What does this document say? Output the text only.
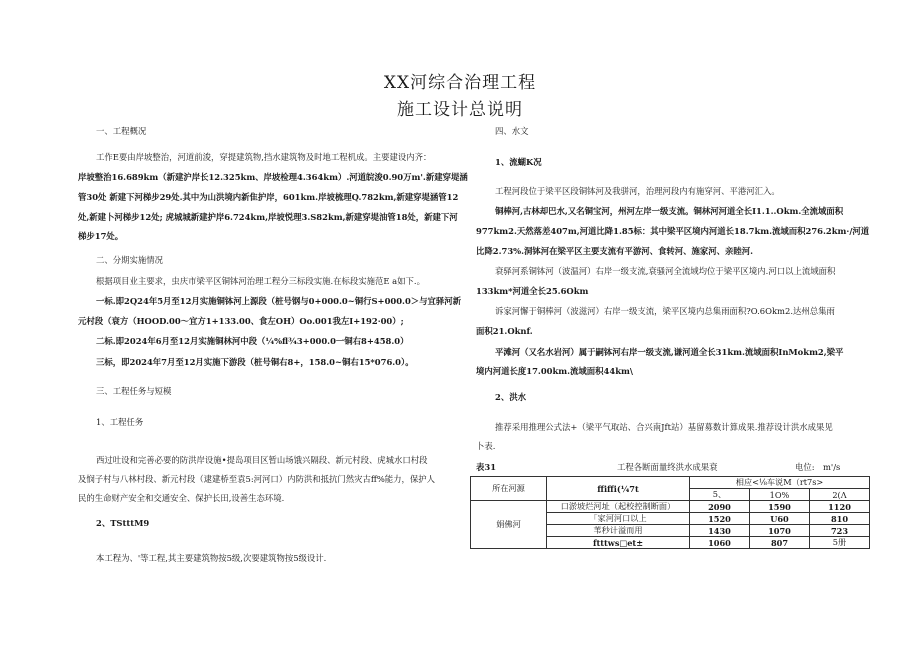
XX河综合治理工程
施工设计总说明
一、工程概况
工作E要由岸坡整治，河道前浚，穿提建筑物,挡水建筑物及时地工程机成。主要建设内齐：
岸坡整治16.689km（新建沪岸长12.325km、岸坡检理4.364km）.河道皖浚0.90万m'.新建穿堤涵
管30处 新建下河梯步29处.其中为山洪境内新隹护岸，601km.岸坡梳理Q.782km,新建穿堤涵管12
处,新建卜河梯步12处; 虎城城新建护岸6.724km,岸坡悦理3.S82km,新建穿堤油管18处，新建下河
梯步17处。
二、分期实施情况
根据项目业主要求，虫庆市梁平区铜钵河治理工程分三标段实施.在标段实施范E a如下.。
一标.即2Q24年5月至12月实施铜钵河上源段（桩号钢与0+000.0~铜行S+000.0＞与宜驿河新
元村段（衰方（HOOD.00～宜方1+133.00、食左OH）Oo.001我左I+192·00）;
二标.即2024年6月至12月实施铜林河中段（¼%fl¾3+000.0一铜右8+458.0）
三标，即2024年7月至12月实施下游段（桩号铜右8+，158.0~铜右15*076.0）。
三、工程任务与短模
1、工程任务
西过吐设和完善必要的防洪岸设施•提岛项目区暂山场饿兴隔段、新元村段、虎城水口村段
及悯子村与八林村段、新元村段（逮建桥至袁5:河河口）内防洪和抵抗门然灾古ff%能力，保护人
民的生命财产安全和交通安全、保护长田,设善生态环境.
2、TStttM9
本工程为、'等工程,其主要建筑物按5级,次要建筑物按5级设计.
四、水文
1、流蝴K况
工程河段位于梁平区段铜钵河及我骈河，治理河段内有施穿河、平港河汇入。
铜棒河,古林却巴水,又名铜宝河，州河左岸一级支流。铜林河河道全长I1.1..Okm.全流域面积
977km2.天然落差407m,河道比降1.85标：其中梁平区境内河道长18.7km.流域而积276.2km·/河道
比降2.73%.洞钵河在梁平区主要支流有平游河、食转河、施家河、亲睦河.
衰驿河系铜钵河（波温河）右岸一级支流,衰骚河全流域均位于梁平区境内.河口以上流域面积
133km*河道全长25.6Okm
诉家河懈于铜棒河（波滋河）右岸一级支流，梁平区境内总集雨面积?O.6Okm2.达州总集雨
面积21.Oknf.
平滩河（又名水岩河）属于嗣钵河右岸一级支流,谦河道全长31km.流域面积InMokm2,梁平
境内河道长度17.00km.流域面积44km\
2、洪水
推荐采用推理公式法+（梁平气取站、合兴南Jft站）基留募数计算成果.推荐设计洪水成果见
卜表.
表31	工程各断面量终洪水成果衰	电位:　m'/s
所在河源	ffiffi(¼7t	相应<⅛车说M（rt7s>		
		5、	1O%	2(Λ
娟佛河	口淤坡烂河址（起校控制断面）	2090	1590	1120
	「家河河口以上	1520	U60	810
	苇秒计溢而用	1430	1070	723
	ftttws□et±	1060	807	5册
